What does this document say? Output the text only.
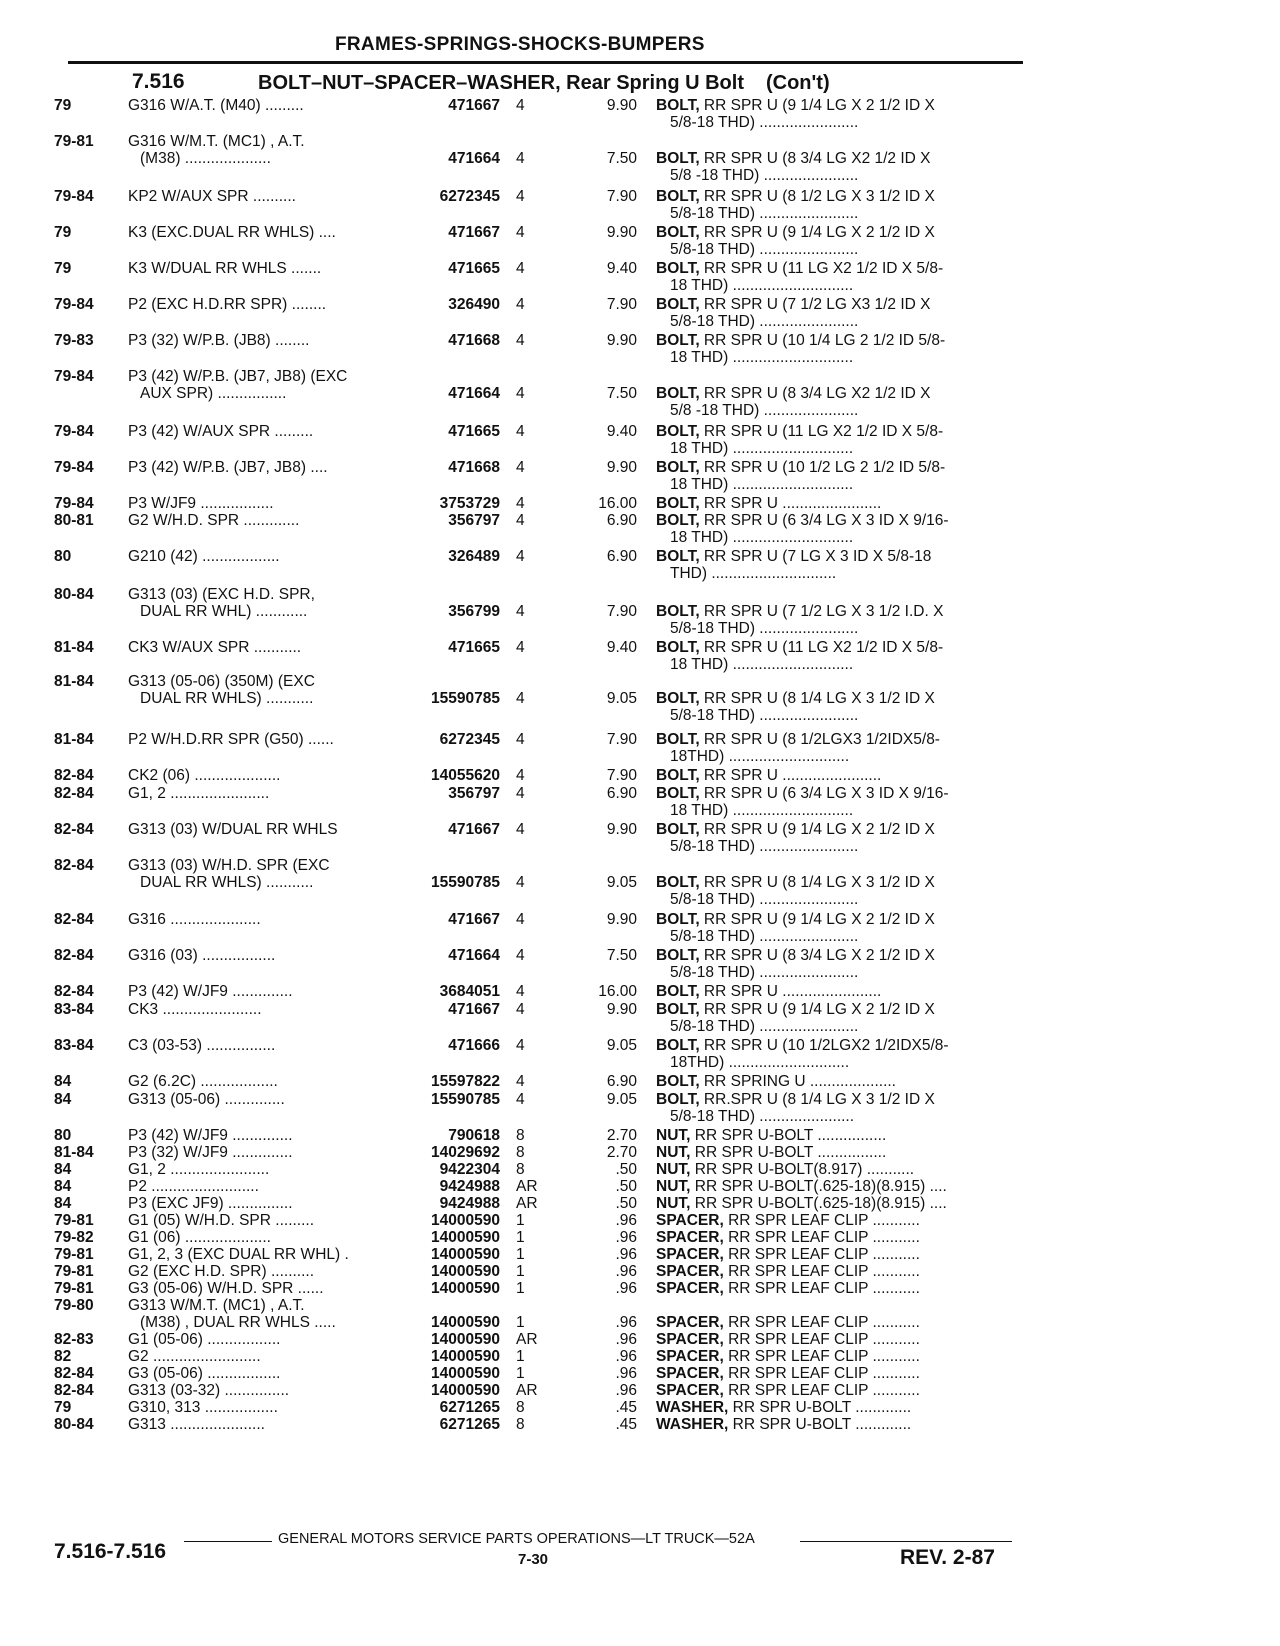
FRAMES-SPRINGS-SHOCKS-BUMPERS
7.516	BOLT–NUT–SPACER–WASHER, Rear Spring U Bolt (Con't)
79	G316 W/A.T. (M40) .........	471667 4	9.90 BOLT, RR SPR U (9 1/4 LG X 2 1/2 ID X
5/8-18 THD) .......................
79-81 G316 W/M.T. (MC1) , A.T.
(M38) ....................	471664 4	7.50 BOLT, RR SPR U (8 3/4 LG X2 1/2 ID X
5/8 -18 THD) ......................
79-84 KP2 W/AUX SPR ..........	6272345 4	7.90 BOLT, RR SPR U (8 1/2 LG X 3 1/2 ID X
5/8-18 THD) .......................
79	K3 (EXC.DUAL RR WHLS) ....	471667 4	9.90 BOLT, RR SPR U (9 1/4 LG X 2 1/2 ID X
5/8-18 THD) .......................
79	K3 W/DUAL RR WHLS .......	471665 4	9.40 BOLT, RR SPR U (11 LG X2 1/2 ID X 5/8-
18 THD) ............................
79-84 P2 (EXC H.D.RR SPR) ........	326490 4	7.90 BOLT, RR SPR U (7 1/2 LG X3 1/2 ID X
5/8-18 THD) .......................
79-83 P3 (32) W/P.B. (JB8) ........	471668 4	9.90 BOLT, RR SPR U (10 1/4 LG 2 1/2 ID 5/8-
18 THD) ............................
79-84 P3 (42) W/P.B. (JB7, JB8) (EXC
AUX SPR) ................	471664 4	7.50 BOLT, RR SPR U (8 3/4 LG X2 1/2 ID X
5/8 -18 THD) ......................
79-84 P3 (42) W/AUX SPR .........	471665 4	9.40 BOLT, RR SPR U (11 LG X2 1/2 ID X 5/8-
18 THD) ............................
79-84 P3 (42) W/P.B. (JB7, JB8) ....	471668 4	9.90 BOLT, RR SPR U (10 1/2 LG 2 1/2 ID 5/8-
18 THD) ............................
79-84 P3 W/JF9 .................	3753729 4	16.00 BOLT, RR SPR U .......................
80-81 G2 W/H.D. SPR .............	356797 4	6.90 BOLT, RR SPR U (6 3/4 LG X 3 ID X 9/16-
18 THD) ............................
80	G210 (42) ..................	326489 4	6.90 BOLT, RR SPR U (7 LG X 3 ID X 5/8-18
THD) .............................
80-84 G313 (03) (EXC H.D. SPR,
DUAL RR WHL) ............	356799 4	7.90 BOLT, RR SPR U (7 1/2 LG X 3 1/2 I.D. X
5/8-18 THD) .......................
81-84 CK3 W/AUX SPR ...........	471665 4	9.40 BOLT, RR SPR U (11 LG X2 1/2 ID X 5/8-
18 THD) ............................
81-84 G313 (05-06) (350M) (EXC
DUAL RR WHLS) ...........	15590785 4	9.05 BOLT, RR SPR U (8 1/4 LG X 3 1/2 ID X
5/8-18 THD) .......................
81-84 P2 W/H.D.RR SPR (G50) ......	6272345 4	7.90 BOLT, RR SPR U (8 1/2LGX3 1/2IDX5/8-
18THD) ............................
82-84 CK2 (06) ....................	14055620 4	7.90 BOLT, RR SPR U .......................
82-84 G1, 2 .......................	356797 4	6.90 BOLT, RR SPR U (6 3/4 LG X 3 ID X 9/16-
18 THD) ............................
82-84 G313 (03) W/DUAL RR WHLS	471667 4	9.90 BOLT, RR SPR U (9 1/4 LG X 2 1/2 ID X
5/8-18 THD) .......................
82-84 G313 (03) W/H.D. SPR (EXC
DUAL RR WHLS) ...........	15590785 4	9.05 BOLT, RR SPR U (8 1/4 LG X 3 1/2 ID X
5/8-18 THD) .......................
82-84 G316 .....................	471667 4	9.90 BOLT, RR SPR U (9 1/4 LG X 2 1/2 ID X
5/8-18 THD) .......................
82-84 G316 (03) .................	471664 4	7.50 BOLT, RR SPR U (8 3/4 LG X 2 1/2 ID X
5/8-18 THD) .......................
82-84 P3 (42) W/JF9 ..............	3684051 4	16.00 BOLT, RR SPR U .......................
83-84 CK3 .......................	471667 4	9.90 BOLT, RR SPR U (9 1/4 LG X 2 1/2 ID X
5/8-18 THD) .......................
83-84 C3 (03-53) ................	471666 4	9.05 BOLT, RR SPR U (10 1/2LGX2 1/2IDX5/8-
18THD) ............................
84	G2 (6.2C) ..................	15597822 4	6.90 BOLT, RR SPRING U ....................
84	G313 (05-06) ..............	15590785 4	9.05 BOLT, RR.SPR U (8 1/4 LG X 3 1/2 ID X
5/8-18 THD) ......................
80	P3 (42) W/JF9 ..............	790618 8	2.70 NUT, RR SPR U-BOLT ................
81-84 P3 (32) W/JF9 ..............	14029692 8	2.70 NUT, RR SPR U-BOLT ................
84	G1, 2 .......................	9422304 8	.50 NUT, RR SPR U-BOLT(8.917) ...........
84	P2 .........................	9424988 AR	.50 NUT, RR SPR U-BOLT(.625-18)(8.915) ....
84	P3 (EXC JF9) ...............	9424988 AR	.50 NUT, RR SPR U-BOLT(.625-18)(8.915) ....
79-81 G1 (05) W/H.D. SPR .........	14000590 1	.96 SPACER, RR SPR LEAF CLIP ...........
79-82 G1 (06) ....................	14000590 1	.96 SPACER, RR SPR LEAF CLIP ...........
79-81 G1, 2, 3 (EXC DUAL RR WHL) .	14000590 1	.96 SPACER, RR SPR LEAF CLIP ...........
79-81 G2 (EXC H.D. SPR) ..........	14000590 1	.96 SPACER, RR SPR LEAF CLIP ...........
79-81 G3 (05-06) W/H.D. SPR ......	14000590 1	.96 SPACER, RR SPR LEAF CLIP ...........
79-80 G313 W/M.T. (MC1) , A.T.
(M38) , DUAL RR WHLS .....	14000590 1	.96 SPACER, RR SPR LEAF CLIP ...........
82-83 G1 (05-06) .................	14000590 AR	.96 SPACER, RR SPR LEAF CLIP ...........
82	G2 .........................	14000590 1	.96 SPACER, RR SPR LEAF CLIP ...........
82-84 G3 (05-06) .................	14000590 1	.96 SPACER, RR SPR LEAF CLIP ...........
82-84 G313 (03-32) ...............	14000590 AR	.96 SPACER, RR SPR LEAF CLIP ...........
79	G310, 313 .................	6271265 8	.45 WASHER, RR SPR U-BOLT .............
80-84 G313 ......................	6271265 8	.45 WASHER, RR SPR U-BOLT .............
GENERAL MOTORS SERVICE PARTS OPERATIONS—LT TRUCK—52A
7.516-7.516	7-30	REV. 2-87
